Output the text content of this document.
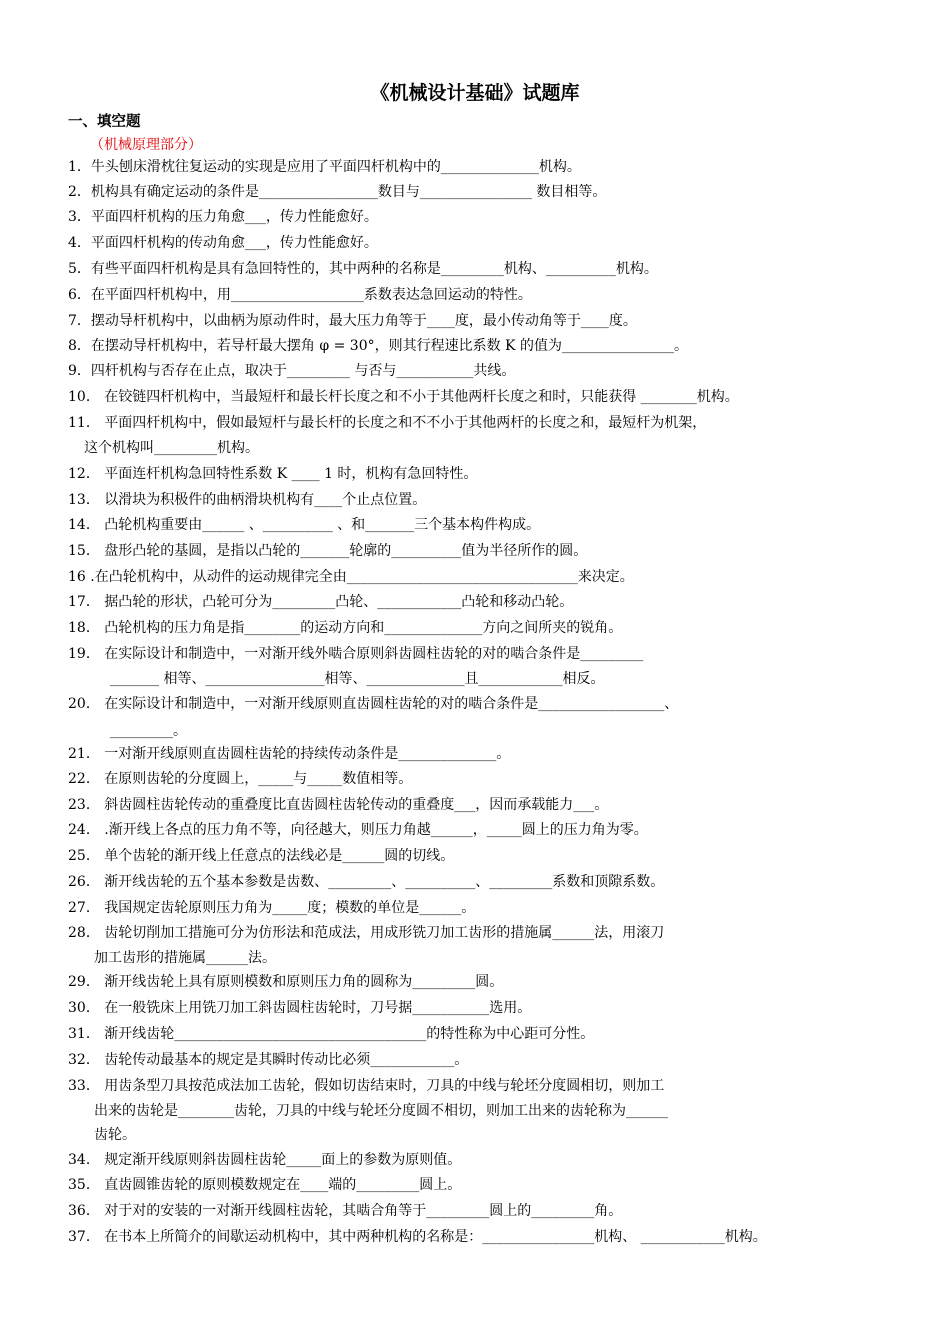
《机械设计基础》试题库
一、填空题
（机械原理部分）
1．牛头刨床滑枕往复运动的实现是应用了平面四杆机构中的______________机构。
2．机构具有确定运动的条件是_________________数目与________________ 数目相等。
3．平面四杆机构的压力角愈___，传力性能愈好。
4．平面四杆机构的传动角愈___，传力性能愈好。
5．有些平面四杆机构是具有急回特性的，其中两种的名称是_________机构、__________机构。
6．在平面四杆机构中，用___________________系数表达急回运动的特性。
7．摆动导杆机构中，以曲柄为原动件时，最大压力角等于____度，最小传动角等于____度。
8．在摆动导杆机构中，若导杆最大摆角 φ = 30°，则其行程速比系数 K 的值为________________。
9．四杆机构与否存在止点，取决于_________ 与否与___________共线。
10． 在铰链四杆机构中，当最短杆和最长杆长度之和不小于其他两杆长度之和时，只能获得 ________机构。
11． 平面四杆机构中，假如最短杆与最长杆的长度之和不不小于其他两杆的长度之和，最短杆为机架，
这个机构叫_________机构。
12． 平面连杆机构急回特性系数 K ____ 1 时，机构有急回特性。
13． 以滑块为积极件的曲柄滑块机构有____个止点位置。
14． 凸轮机构重要由______ 、__________ 、和_______三个基本构件构成。
15． 盘形凸轮的基圆，是指以凸轮的_______轮廓的__________值为半径所作的圆。
16 .在凸轮机构中，从动件的运动规律完全由_________________________________来决定。
17． 据凸轮的形状，凸轮可分为_________凸轮、____________凸轮和移动凸轮。
18． 凸轮机构的压力角是指________的运动方向和______________方向之间所夹的锐角。
19． 在实际设计和制造中，一对渐开线外啮合原则斜齿圆柱齿轮的对的啮合条件是_________
_______ 相等、_________________相等、______________且____________相反。
20． 在实际设计和制造中，一对渐开线原则直齿圆柱齿轮的对的啮合条件是__________________、
_________。
21． 一对渐开线原则直齿圆柱齿轮的持续传动条件是______________。
22． 在原则齿轮的分度圆上，_____与_____数值相等。
23． 斜齿圆柱齿轮传动的重叠度比直齿圆柱齿轮传动的重叠度___，因而承载能力___。
24． .渐开线上各点的压力角不等，向径越大，则压力角越______，_____圆上的压力角为零。
25． 单个齿轮的渐开线上任意点的法线必是______圆的切线。
26． 渐开线齿轮的五个基本参数是齿数、_________、__________、_________系数和顶隙系数。
27． 我国规定齿轮原则压力角为_____度；模数的单位是______。
28． 齿轮切削加工措施可分为仿形法和范成法，用成形铣刀加工齿形的措施属______法，用滚刀
加工齿形的措施属______法。
29． 渐开线齿轮上具有原则模数和原则压力角的圆称为_________圆。
30． 在一般铣床上用铣刀加工斜齿圆柱齿轮时，刀号据___________选用。
31． 渐开线齿轮____________________________________的特性称为中心距可分性。
32． 齿轮传动最基本的规定是其瞬时传动比必须____________。
33． 用齿条型刀具按范成法加工齿轮，假如切齿结束时，刀具的中线与轮坯分度圆相切，则加工
出来的齿轮是________齿轮，刀具的中线与轮坯分度圆不相切，则加工出来的齿轮称为______
齿轮。
34． 规定渐开线原则斜齿圆柱齿轮_____面上的参数为原则值。
35． 直齿圆锥齿轮的原则模数规定在____端的_________圆上。
36． 对于对的安装的一对渐开线圆柱齿轮，其啮合角等于_________圆上的_________角。
37． 在书本上所简介的间歇运动机构中，其中两种机构的名称是：________________机构、 ____________机构。
